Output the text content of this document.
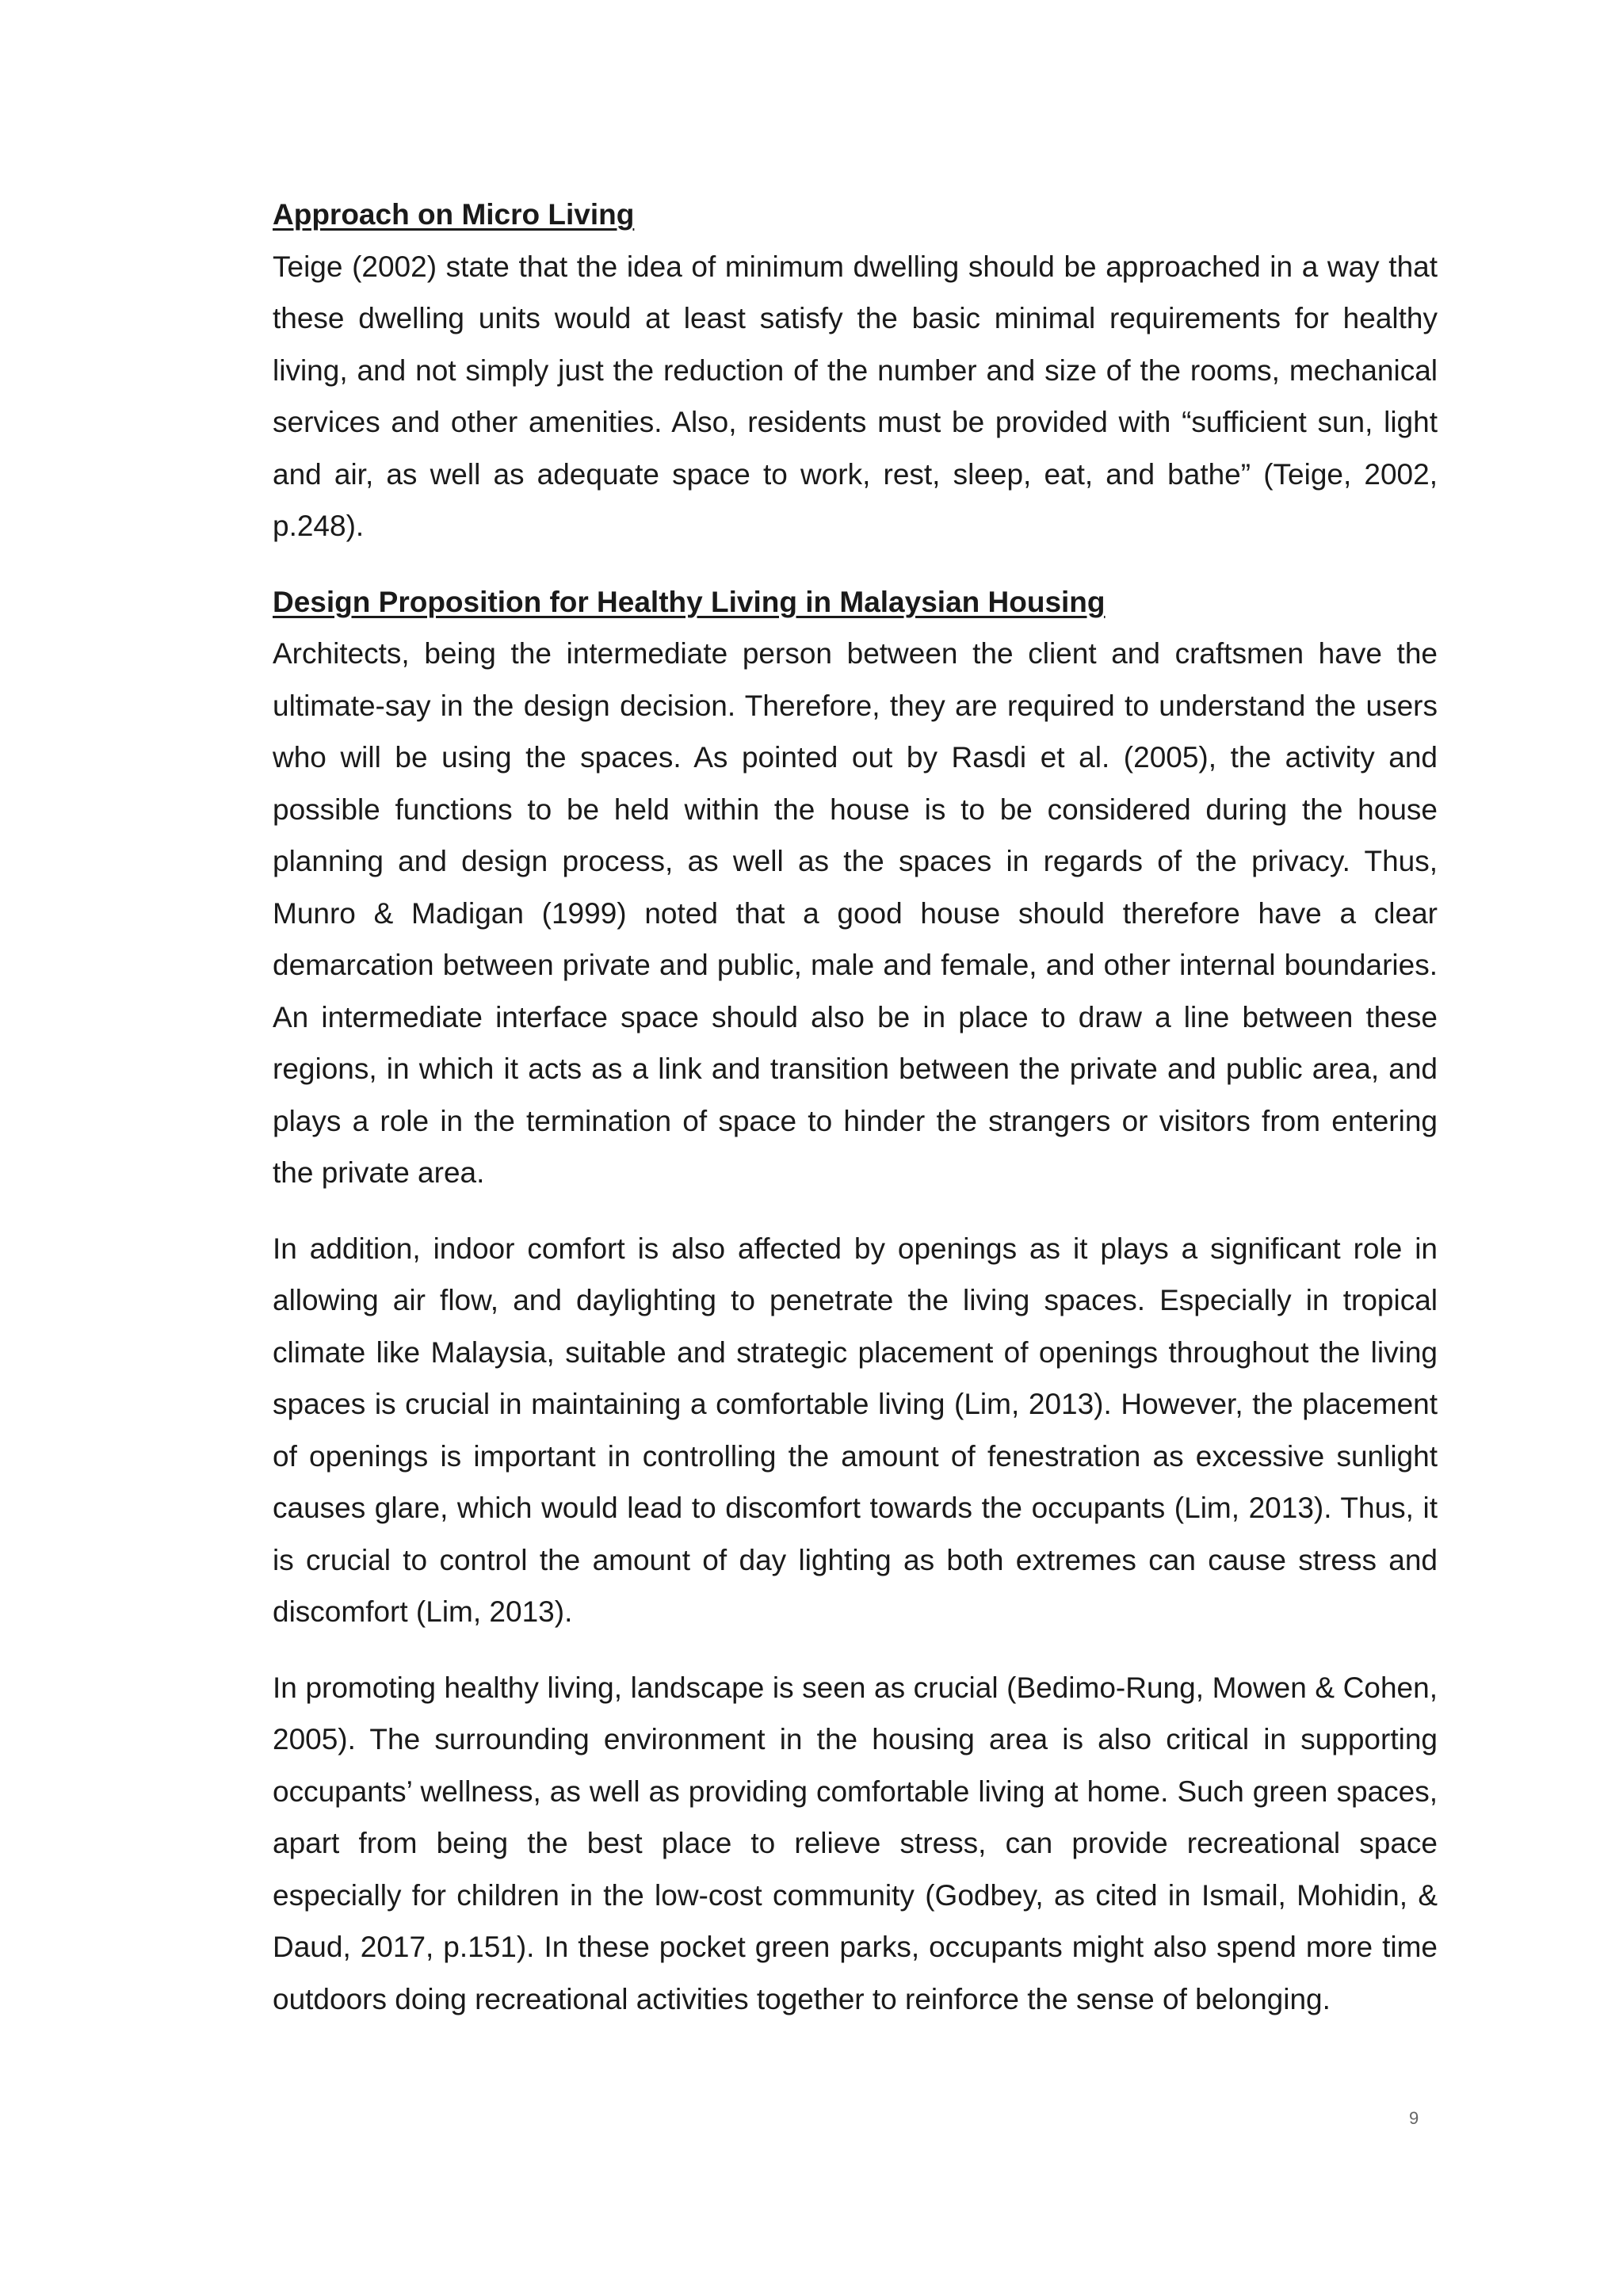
Approach on Micro Living

Teige (2002) state that the idea of minimum dwelling should be approached in a way that these dwelling units would at least satisfy the basic minimal requirements for healthy living, and not simply just the reduction of the number and size of the rooms, mechanical services and other amenities. Also, residents must be provided with “sufficient sun, light and air, as well as adequate space to work, rest, sleep, eat, and bathe” (Teige, 2002, p.248).

Design Proposition for Healthy Living in Malaysian Housing

Architects, being the intermediate person between the client and craftsmen have the ultimate-say in the design decision. Therefore, they are required to understand the users who will be using the spaces. As pointed out by Rasdi et al. (2005), the activity and possible functions to be held within the house is to be considered during the house planning and design process, as well as the spaces in regards of the privacy. Thus, Munro & Madigan (1999) noted that a good house should therefore have a clear demarcation between private and public, male and female, and other internal boundaries. An intermediate interface space should also be in place to draw a line between these regions, in which it acts as a link and transition between the private and public area, and plays a role in the termination of space to hinder the strangers or visitors from entering the private area.

In addition, indoor comfort is also affected by openings as it plays a significant role in allowing air flow, and daylighting to penetrate the living spaces. Especially in tropical climate like Malaysia, suitable and strategic placement of openings throughout the living spaces is crucial in maintaining a comfortable living (Lim, 2013). However, the placement of openings is important in controlling the amount of fenestration as excessive sunlight causes glare, which would lead to discomfort towards the occupants (Lim, 2013). Thus, it is crucial to control the amount of day lighting as both extremes can cause stress and discomfort (Lim, 2013).

In promoting healthy living, landscape is seen as crucial (Bedimo-Rung, Mowen & Cohen, 2005). The surrounding environment in the housing area is also critical in supporting occupants’ wellness, as well as providing comfortable living at home. Such green spaces, apart from being the best place to relieve stress, can provide recreational space especially for children in the low-cost community (Godbey, as cited in Ismail, Mohidin, & Daud, 2017, p.151). In these pocket green parks, occupants might also spend more time outdoors doing recreational activities together to reinforce the sense of belonging.

9
